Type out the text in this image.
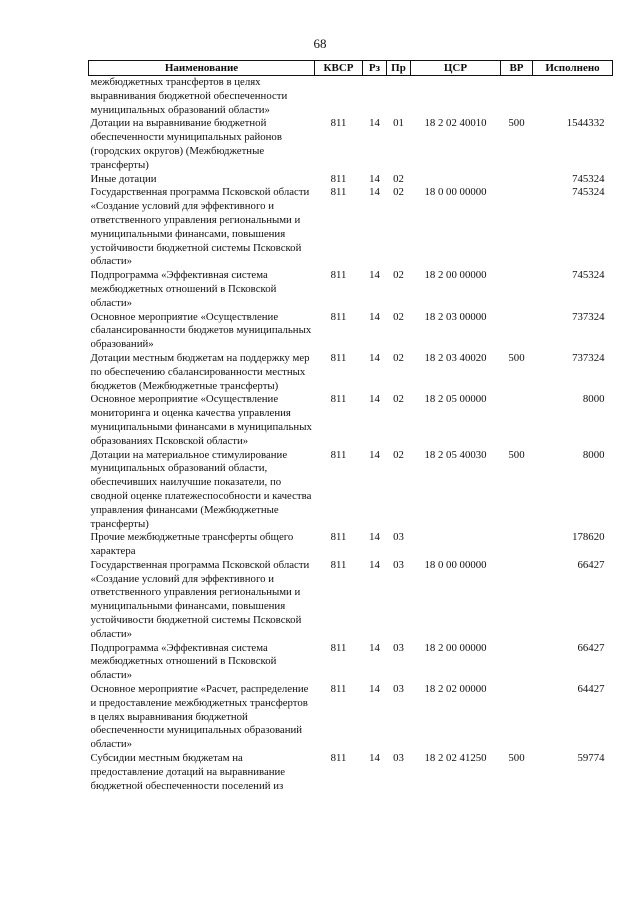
68
Наименование	КВСР	Рз	Пр	ЦСР	ВР	Исполнено
межбюджетных трансфертов в целях выравнивания бюджетной обеспеченности муниципальных образований области»						
Дотации на выравнивание бюджетной обеспеченности муниципальных районов (городских округов) (Межбюджетные трансферты)	811	14	01	18 2 02 40010	500	1544332
Иные дотации	811	14	02			745324
Государственная программа Псковской области «Создание условий для эффективного и ответственного управления региональными и муниципальными финансами, повышения устойчивости бюджетной системы Псковской области»	811	14	02	18 0 00 00000		745324
Подпрограмма «Эффективная система межбюджетных отношений в Псковской области»	811	14	02	18 2 00 00000		745324
Основное мероприятие «Осуществление сбалансированности бюджетов муниципальных образований»	811	14	02	18 2 03 00000		737324
Дотации местным бюджетам на поддержку мер по обеспечению сбалансированности местных бюджетов (Межбюджетные трансферты)	811	14	02	18 2 03 40020	500	737324
Основное мероприятие «Осуществление мониторинга и оценка качества управления муниципальными финансами в муниципальных образованиях Псковской области»	811	14	02	18 2 05 00000		8000
Дотации на материальное стимулирование муниципальных образований области, обеспечивших наилучшие показатели, по сводной оценке платежеспособности и качества управления финансами (Межбюджетные трансферты)	811	14	02	18 2 05 40030	500	8000
Прочие межбюджетные трансферты общего характера	811	14	03			178620
Государственная программа Псковской области «Создание условий для эффективного и ответственного управления региональными и муниципальными финансами, повышения устойчивости бюджетной системы Псковской области»	811	14	03	18 0 00 00000		66427
Подпрограмма «Эффективная система межбюджетных отношений в Псковской области»	811	14	03	18 2 00 00000		66427
Основное мероприятие «Расчет, распределение и предоставление межбюджетных трансфертов в целях выравнивания бюджетной обеспеченности муниципальных образований области»	811	14	03	18 2 02 00000		64427
Субсидии местным бюджетам на предоставление дотаций на выравнивание бюджетной обеспеченности поселений из	811	14	03	18 2 02 41250	500	59774
